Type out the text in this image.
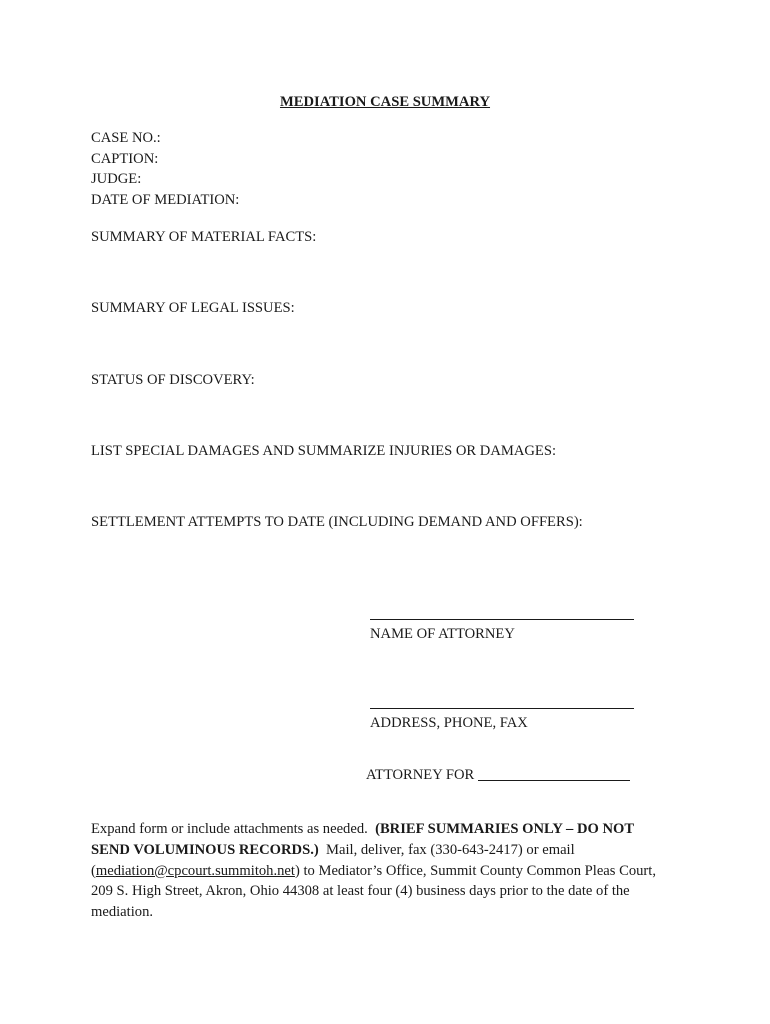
MEDIATION CASE SUMMARY
CASE NO.:
CAPTION:
JUDGE:
DATE OF MEDIATION:
SUMMARY OF MATERIAL FACTS:
SUMMARY OF LEGAL ISSUES:
STATUS OF DISCOVERY:
LIST SPECIAL DAMAGES AND SUMMARIZE INJURIES OR DAMAGES:
SETTLEMENT ATTEMPTS TO DATE (INCLUDING DEMAND AND OFFERS):
NAME OF ATTORNEY
ADDRESS, PHONE, FAX
ATTORNEY FOR
Expand form or include attachments as needed. (BRIEF SUMMARIES ONLY – DO NOT SEND VOLUMINOUS RECORDS.) Mail, deliver, fax (330-643-2417) or email (mediation@cpcourt.summitoh.net) to Mediator’s Office, Summit County Common Pleas Court, 209 S. High Street, Akron, Ohio 44308 at least four (4) business days prior to the date of the mediation.
